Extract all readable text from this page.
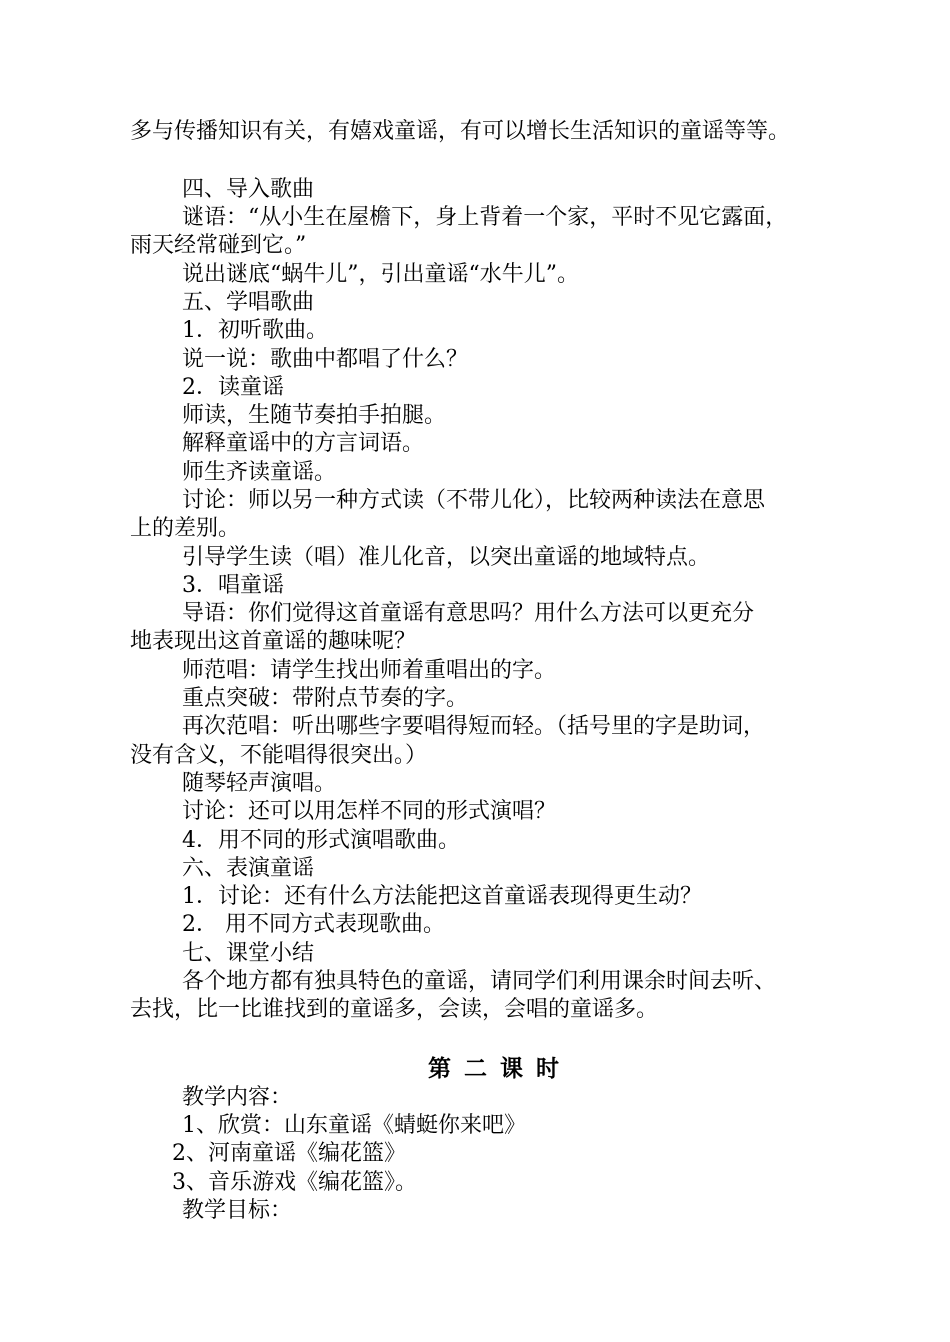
多与传播知识有关，有嬉戏童谣，有可以增长生活知识的童谣等等。
四、导入歌曲
谜语：“从小生在屋檐下，身上背着一个家，平时不见它露面，
雨天经常碰到它。”
说出谜底“蜗牛儿”，引出童谣“水牛儿”。
五、学唱歌曲
1．初听歌曲。
说一说：歌曲中都唱了什么？
2．读童谣
师读，生随节奏拍手拍腿。
解释童谣中的方言词语。
师生齐读童谣。
讨论：师以另一种方式读（不带儿化），比较两种读法在意思
上的差别。
引导学生读（唱）准儿化音，以突出童谣的地域特点。
3．唱童谣
导语：你们觉得这首童谣有意思吗？用什么方法可以更充分
地表现出这首童谣的趣味呢？
师范唱：请学生找出师着重唱出的字。
重点突破：带附点节奏的字。
再次范唱：听出哪些字要唱得短而轻。（括号里的字是助词，
没有含义，不能唱得很突出。）
随琴轻声演唱。
讨论：还可以用怎样不同的形式演唱？
4．用不同的形式演唱歌曲。
六、表演童谣
1．讨论：还有什么方法能把这首童谣表现得更生动？
2． 用不同方式表现歌曲。
七、课堂小结
各个地方都有独具特色的童谣，请同学们利用课余时间去听、
去找，比一比谁找到的童谣多，会读，会唱的童谣多。
第二课时
教学内容：
1、欣赏：山东童谣《蜻蜓你来吧》
2、河南童谣《编花篮》
3、音乐游戏《编花篮》。
教学目标：
